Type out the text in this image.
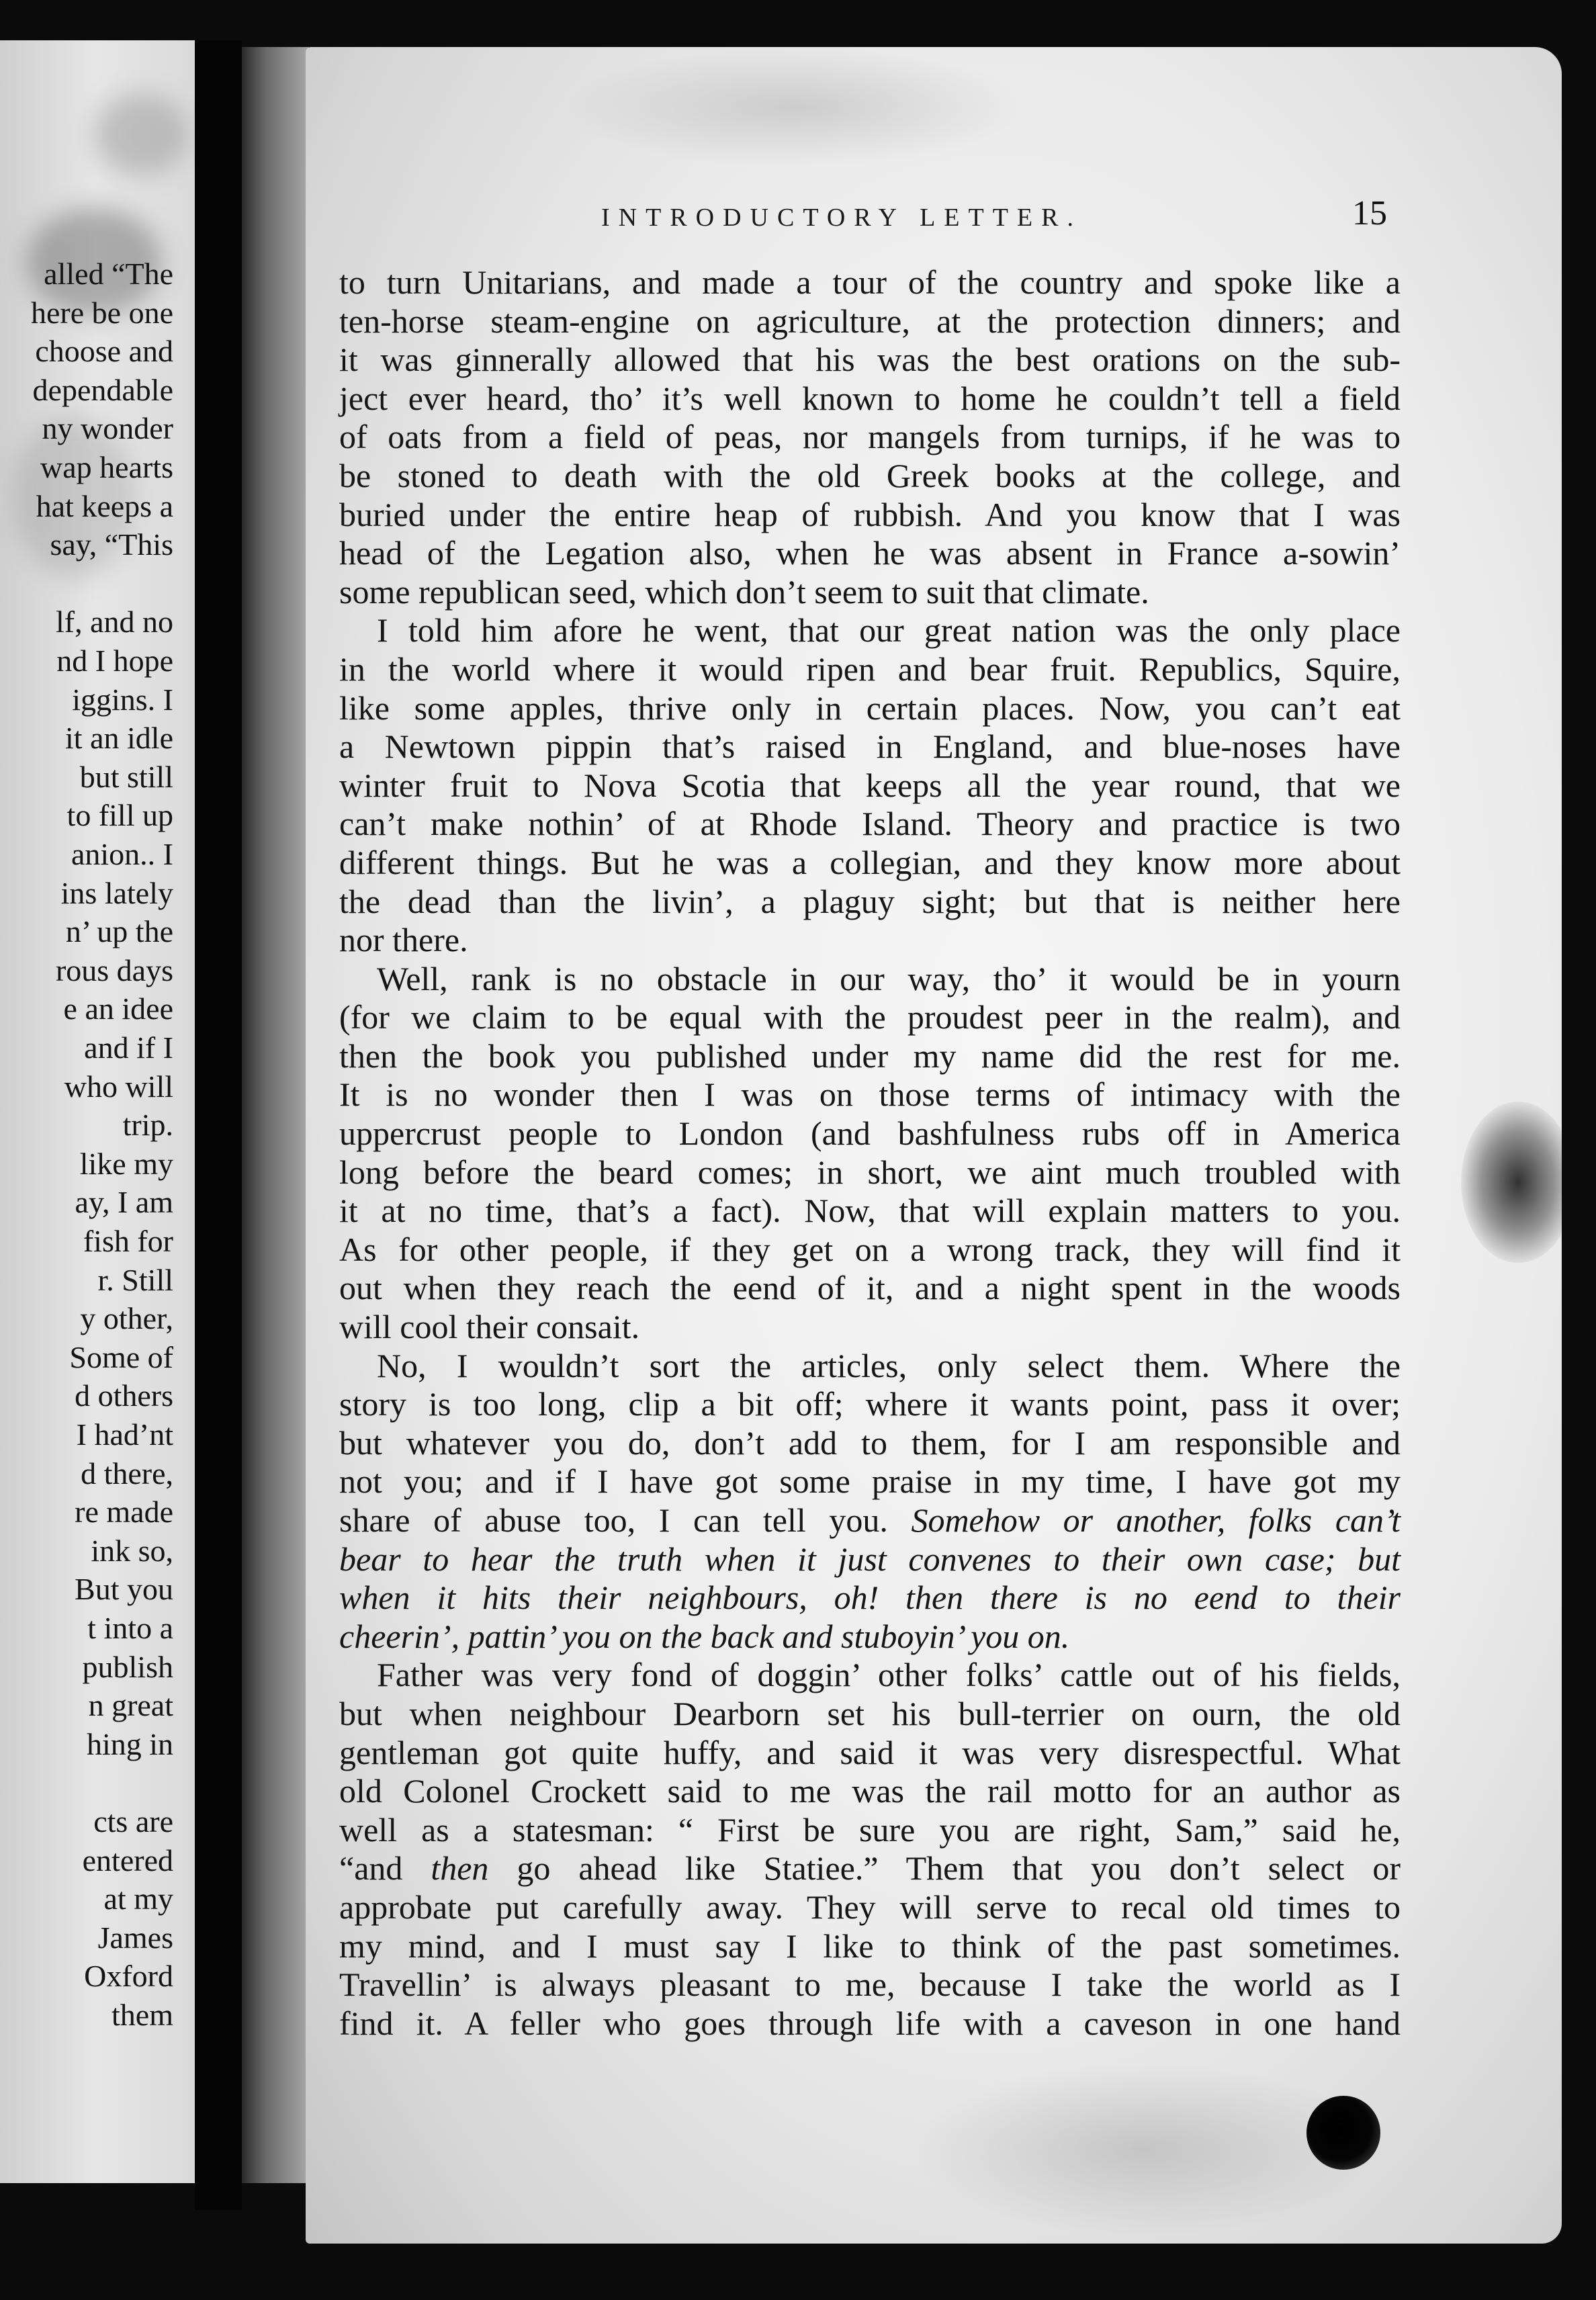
alled “The
here be one
choose and
dependable
ny wonder
wap hearts
hat keeps a
say, “This
lf, and no
nd I hope
iggins. I
it an idle
but still
to fill up
anion.. I
ins lately
n’ up the
rous days
e an idee
and if I
who will
trip.
like my
ay, I am
fish for
r. Still
y other,
Some of
d others
I had’nt
d there,
re made
ink so,
But you
t into a
publish
n great
hing in
cts are
entered
at my
James
Oxford
them
INTRODUCTORY LETTER.	15
to turn Unitarians, and made a tour of the country and spoke like a
ten-horse steam-engine on agriculture, at the protection dinners; and
it was ginnerally allowed that his was the best orations on the sub-
ject ever heard, tho’ it’s well known to home he couldn’t tell a field
of oats from a field of peas, nor mangels from turnips, if he was to
be stoned to death with the old Greek books at the college, and
buried under the entire heap of rubbish. And you know that I was
head of the Legation also, when he was absent in France a-sowin’
some republican seed, which don’t seem to suit that climate.
I told him afore he went, that our great nation was the only place
in the world where it would ripen and bear fruit. Republics, Squire,
like some apples, thrive only in certain places. Now, you can’t eat
a Newtown pippin that’s raised in England, and blue-noses have
winter fruit to Nova Scotia that keeps all the year round, that we
can’t make nothin’ of at Rhode Island. Theory and practice is two
different things. But he was a collegian, and they know more about
the dead than the livin’, a plaguy sight; but that is neither here
nor there.
Well, rank is no obstacle in our way, tho’ it would be in yourn
(for we claim to be equal with the proudest peer in the realm), and
then the book you published under my name did the rest for me.
It is no wonder then I was on those terms of intimacy with the
uppercrust people to London (and bashfulness rubs off in America
long before the beard comes; in short, we aint much troubled with
it at no time, that’s a fact). Now, that will explain matters to you.
As for other people, if they get on a wrong track, they will find it
out when they reach the eend of it, and a night spent in the woods
will cool their consait.
No, I wouldn’t sort the articles, only select them. Where the
story is too long, clip a bit off; where it wants point, pass it over;
but whatever you do, don’t add to them, for I am responsible and
not you; and if I have got some praise in my time, I have got my
share of abuse too, I can tell you. Somehow or another, folks can’t
bear to hear the truth when it just convenes to their own case; but
when it hits their neighbours, oh! then there is no eend to their
cheerin’, pattin’ you on the back and stuboyin’ you on.
Father was very fond of doggin’ other folks’ cattle out of his fields,
but when neighbour Dearborn set his bull-terrier on ourn, the old
gentleman got quite huffy, and said it was very disrespectful. What
old Colonel Crockett said to me was the rail motto for an author as
well as a statesman: “ First be sure you are right, Sam,” said he,
“and then go ahead like Statiee.” Them that you don’t select or
approbate put carefully away. They will serve to recal old times to
my mind, and I must say I like to think of the past sometimes.
Travellin’ is always pleasant to me, because I take the world as I
find it. A feller who goes through life with a caveson in one hand
